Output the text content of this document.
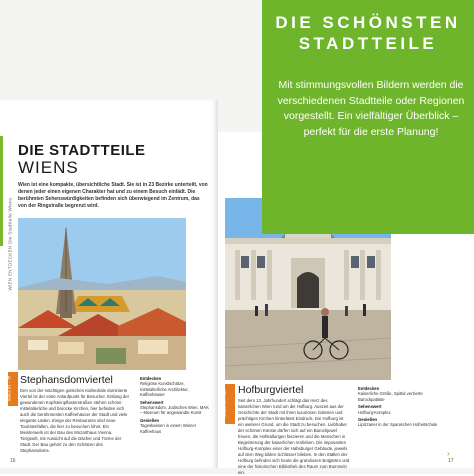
WIEN ENTDECKEN Die Stadtteile Wiens
DIE STADTTEILE
WIENS
Wien ist eine kompakte, übersichtliche Stadt. Sie ist in 23 Bezirke unterteilt, von denen jeder einen eigenen Charakter hat und zu einem Besuch einlädt. Die berühmten Sehenswürdigkeiten befinden sich überwiegend im Zentrum, das von der Ringstraße begrenzt wird.
Seiten 61 – 75 Stephansdomviertel
Den von der mächtigen gotischen Kathedrale dominierte Viertel ist der erste Anlaufpunkt für Besucher. Entlang der gewundenen Kopfsteinpflasterstraßen stehen schöne mittelalterliche und barocke Kirchen, hier befinden sich auch die berühmtesten Kaffeehäuser der Stadt und viele elegante Läden. Einige der Restaurants sind neue Touristenfallen, die hier zu besuchen lohnt. Ein Meisterwerk ist der Bau des Mozarthaus Vienna. Tiergeeilt, mit Aussicht auf die Dächer und Türme der Stadt. Der Bau gehört zu den Schätzen des Stephansdoms.
Entdecken
Religiöse Kunstschätze, mittelalterliche Architektur, Kaffeehäuser
Sehenswert
Stephansdom, Jüdisches Wien, MAK – Museum für angewandte Kunst
Genießen
Tageskaesen in einem Wiener Kaffeehaus
16
Seiten 90 – 111 Hofburgviertel
Seit dem 13. Jahrhundert schlägt das Herz des kaiserlichen Wien rund um die Hofburg. Auszeit aus der Geschichte der Stadt mit ihren luxuriösen Galerien und prächtigen Kirchen hinterlässt Eindruck. Die Hofburg ist ein weiterer Grund, um die Stadt zu besuchen. Liebhaber der schönen Künste dürfen sich auf ein Barockjuwel freuen, die Hofstallungen faszieren und die Menschen in Begeisterung der kaiserlichen Vorlieben. Die imposanten Hofburg-Komplex einer der Habsburger Gebäude, jeweils auf dem Weg bilden Schlösser blieben. In den Ställen der Hofburg befinden sich heute die grandiosen Botgärten und eine der historischen Bibliothek des Raum zum Bummeln ein.
Entdecken
Kaiserliche Größe, Spittal verzierte Barockpaläste
Sehenswert
Hofburg-Komplex
Genießen
Lipizzaner in der Spanischen Hofreitschule
17
›
DIE SCHÖNSTEN
STADTTEILE
Mit stimmungsvollen Bildern werden die verschiedenen Stadtteile oder Regionen vorgestellt. Ein vielfältiger Überblick – perfekt für die erste Planung!
